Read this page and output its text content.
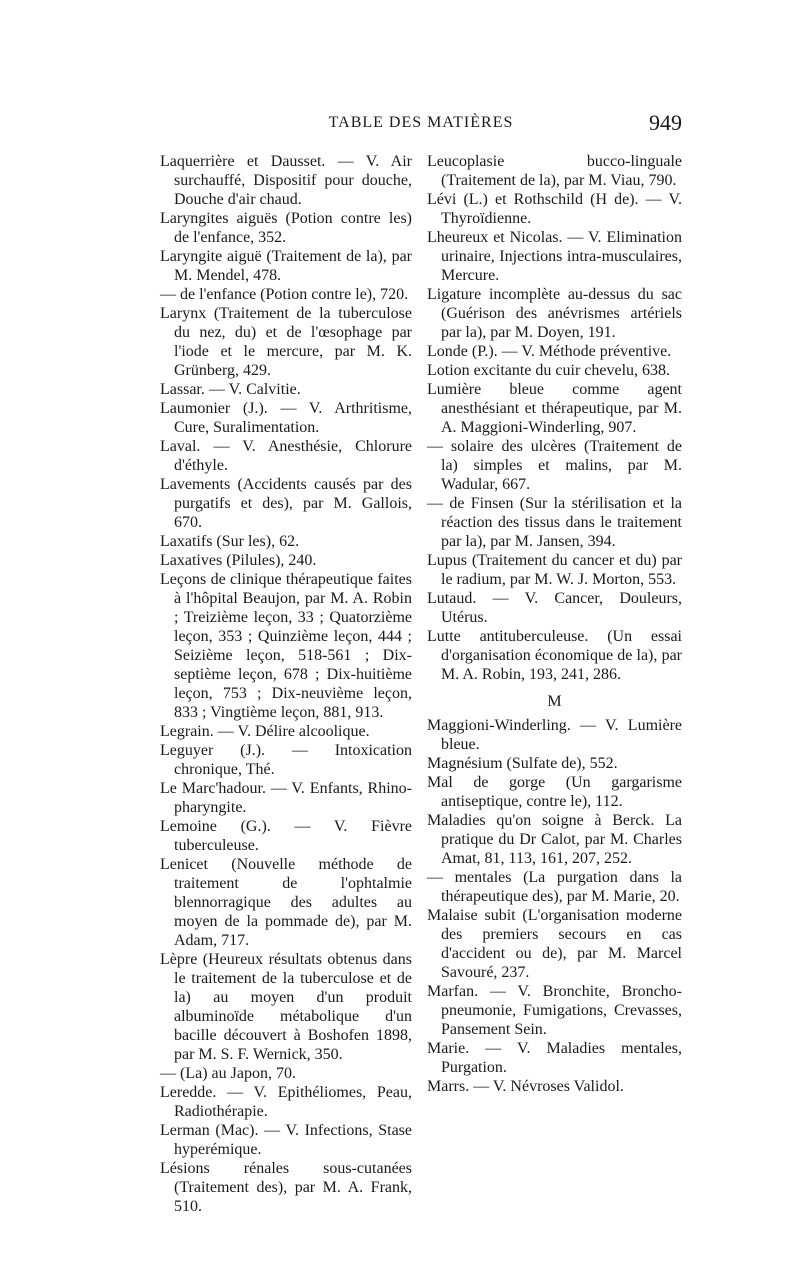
TABLE DES MATIÈRES	949

Laquerrière et Dausset. — V. Air surchauffé, Dispositif pour douche, Douche d'air chaud.

Laryngites aiguës (Potion contre les) de l'enfance, 352.

Laryngite aiguë (Traitement de la), par M. Mendel, 478.

— de l'enfance (Potion contre le), 720.

Larynx (Traitement de la tuberculose du nez, du) et de l'œsophage par l'iode et le mercure, par M. K. Grünberg, 429.

Lassar. — V. Calvitie.

Laumonier (J.). — V. Arthritisme, Cure, Suralimentation.

Laval. — V. Anesthésie, Chlorure d'éthyle.

Lavements (Accidents causés par des purgatifs et des), par M. Gallois, 670.

Laxatifs (Sur les), 62.

Laxatives (Pilules), 240.

Leçons de clinique thérapeutique faites à l'hôpital Beaujon, par M. A. Robin ; Treizième leçon, 33 ; Quatorzième leçon, 353 ; Quinzième leçon, 444 ; Seizième leçon, 518-561 ; Dix-septième leçon, 678 ; Dix-huitième leçon, 753 ; Dix-neuvième leçon, 833 ; Vingtième leçon, 881, 913.

Legrain. — V. Délire alcoolique.

Leguyer (J.). — Intoxication chronique, Thé.

Le Marc'hadour. — V. Enfants, Rhino-pharyngite.

Lemoine (G.). — V. Fièvre tuberculeuse.

Lenicet (Nouvelle méthode de traitement de l'ophtalmie blennorragique des adultes au moyen de la pommade de), par M. Adam, 717.

Lèpre (Heureux résultats obtenus dans le traitement de la tuberculose et de la) au moyen d'un produit albuminoïde métabolique d'un bacille découvert à Boshofen 1898, par M. S. F. Wernick, 350.

— (La) au Japon, 70.

Leredde. — V. Epithéliomes, Peau, Radiothérapie.

Lerman (Mac). — V. Infections, Stase hyperémique.

Lésions rénales sous-cutanées (Traitement des), par M. A. Frank, 510.

Leucoplasie bucco-linguale (Traitement de la), par M. Viau, 790.

Lévi (L.) et Rothschild (H de). — V. Thyroïdienne.

Lheureux et Nicolas. — V. Elimination urinaire, Injections intra-musculaires, Mercure.

Ligature incomplète au-dessus du sac (Guérison des anévrismes artériels par la), par M. Doyen, 191.

Londe (P.). — V. Méthode préventive.

Lotion excitante du cuir chevelu, 638.

Lumière bleue comme agent anesthésiant et thérapeutique, par M. A. Maggioni-Winderling, 907.

— solaire des ulcères (Traitement de la) simples et malins, par M. Wadular, 667.

— de Finsen (Sur la stérilisation et la réaction des tissus dans le traitement par la), par M. Jansen, 394.

Lupus (Traitement du cancer et du) par le radium, par M. W. J. Morton, 553.

Lutaud. — V. Cancer, Douleurs, Utérus.

Lutte antituberculeuse. (Un essai d'organisation économique de la), par M. A. Robin, 193, 241, 286.

M

Maggioni-Winderling. — V. Lumière bleue.

Magnésium (Sulfate de), 552.

Mal de gorge (Un gargarisme antiseptique, contre le), 112.

Maladies qu'on soigne à Berck. La pratique du Dr Calot, par M. Charles Amat, 81, 113, 161, 207, 252.

— mentales (La purgation dans la thérapeutique des), par M. Marie, 20.

Malaise subit (L'organisation moderne des premiers secours en cas d'accident ou de), par M. Marcel Savouré, 237.

Marfan. — V. Bronchite, Broncho-pneumonie, Fumigations, Crevasses, Pansement Sein.

Marie. — V. Maladies mentales, Purgation.

Marrs. — V. Névroses Validol.
